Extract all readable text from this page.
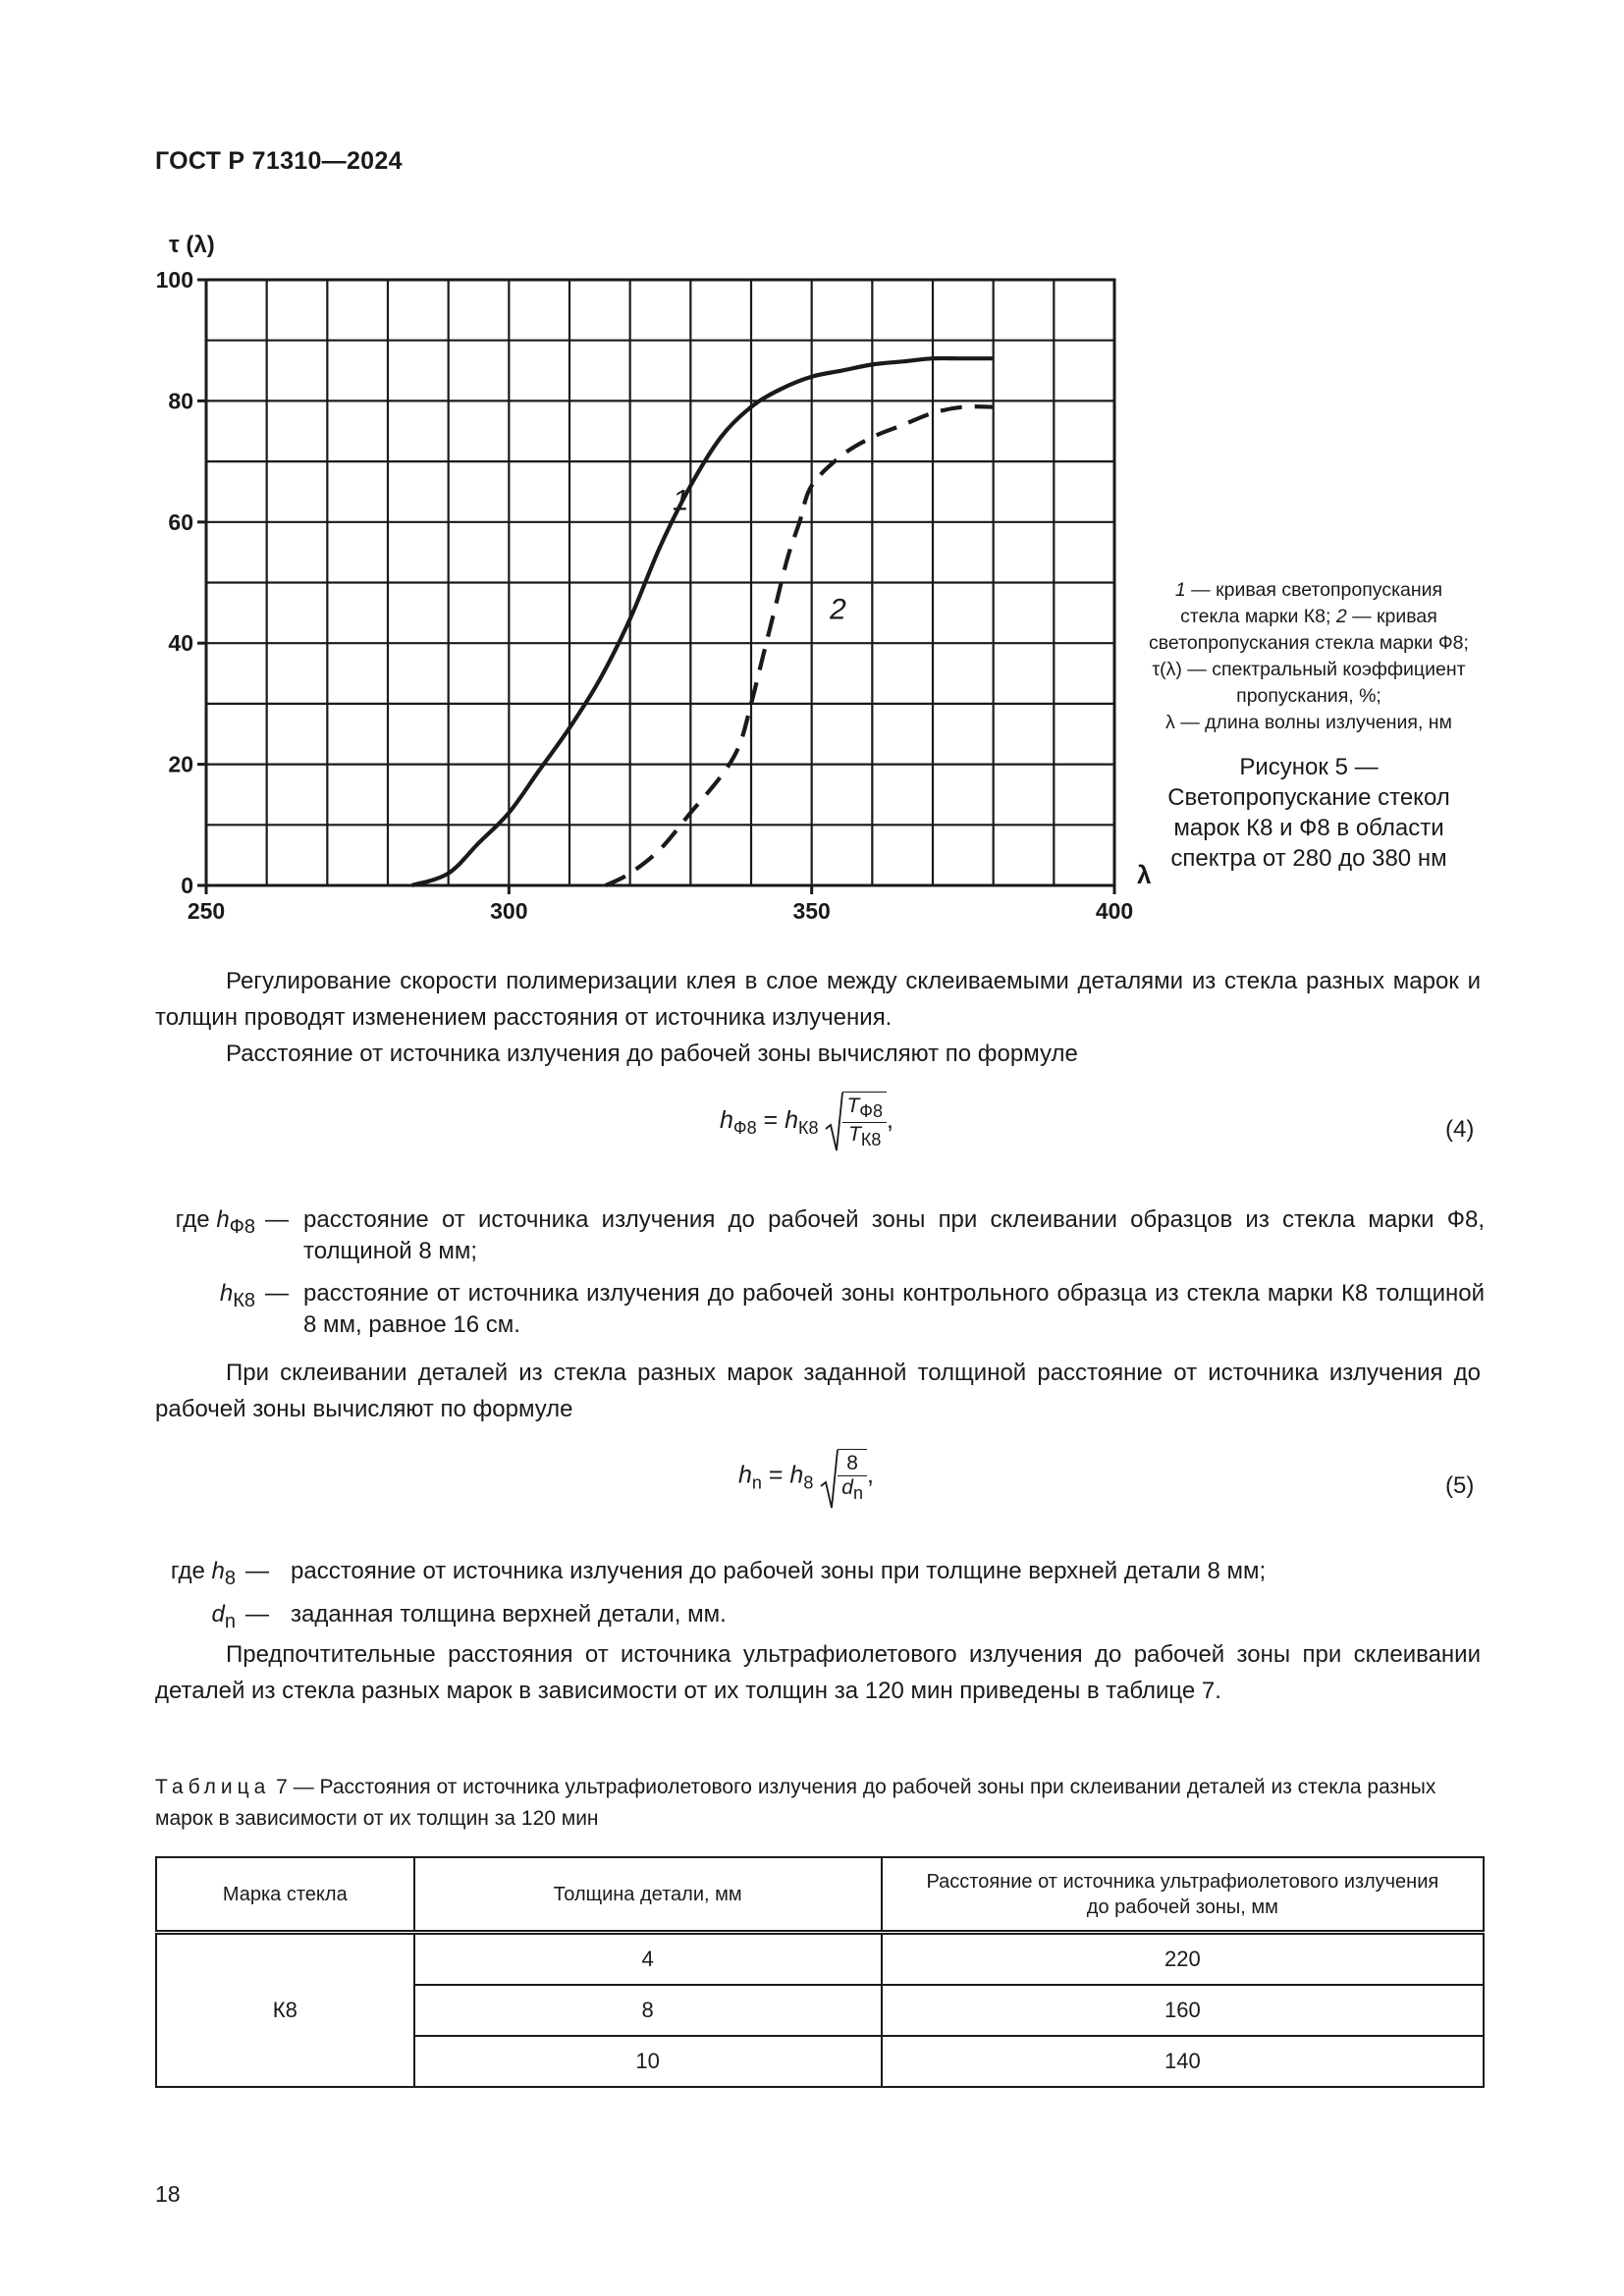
ГОСТ Р 71310—2024
250	300	350	400
0
20
40
60
80
100
τ (λ)
λ
1
2
1 — кривая светопропускания стекла марки К8; 2 — кривая светопропускания стекла марки Ф8;
τ(λ) — спектральный коэффициент пропускания, %;
λ — длина волны излучения, нм
Рисунок 5 — Светопропускание стекол марок К8 и Ф8 в области спектра от 280 до 380 нм
Регулирование скорости полимеризации клея в слое между склеиваемыми деталями из стекла разных марок и толщин проводят изменением расстояния от источника излучения.
Расстояние от источника излучения до рабочей зоны вычисляют по формуле
$h_{Ф8} = h_{К8} \frac{T_{Ф8}}{T_{К8}}$ ,	(4)
где $h_{Ф8}$ — расстояние от источника излучения до рабочей зоны при склеивании образцов из стекла марки Ф8, толщиной 8 мм;
$h_{К8}$ — расстояние от источника излучения до рабочей зоны контрольного образца из стекла марки К8 толщиной 8 мм, равное 16 см.
При склеивании деталей из стекла разных марок заданной толщиной расстояние от источника излучения до рабочей зоны вычисляют по формуле
$h_n = h_8 \frac{8}{d_n}$ ,	(5)
где $h_8$ — расстояние от источника излучения до рабочей зоны при толщине верхней детали 8 мм;
$d_n$ — заданная толщина верхней детали, мм.
Предпочтительные расстояния от источника ультрафиолетового излучения до рабочей зоны при склеивании деталей из стекла разных марок в зависимости от их толщин за 120 мин приведены в таблице 7.
Таблица 7 — Расстояния от источника ультрафиолетового излучения до рабочей зоны при склеивании деталей из стекла разных марок в зависимости от их толщин за 120 мин
Марка стекла	Толщина детали, мм	Расстояние от источника ультрафиолетового излучения до рабочей зоны, мм
К8	4	220
	8	160
	10	140
18
